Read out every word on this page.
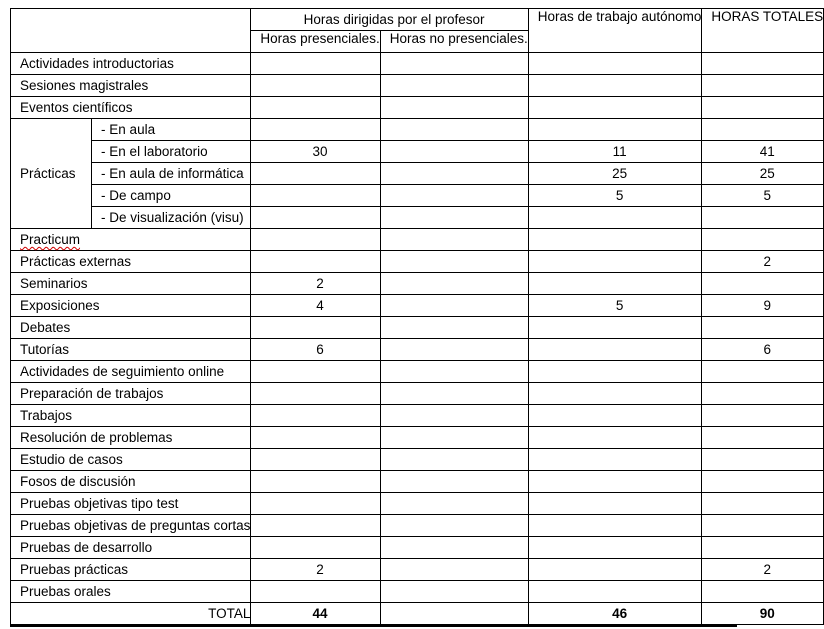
		Horas dirigidas por el profesor		Horas de trabajo autónomo	HORAS TOTALES
		Horas presenciales.	Horas no presenciales.		
Actividades introductorias					
Sesiones magistrales					
Eventos científicos					
Prácticas	- En aula				
	- En el laboratorio	30		11	41
	- En aula de informática			25	25
	- De campo			5	5
	- De visualización (visu)				
Practicum					
Prácticas externas					2
Seminarios		2			
Exposiciones		4		5	9
Debates					
Tutorías		6			6
Actividades de seguimiento online					
Preparación de trabajos					
Trabajos					
Resolución de problemas					
Estudio de casos					
Fosos de discusión					
Pruebas objetivas tipo test					
Pruebas objetivas de preguntas cortas					
Pruebas de desarrollo					
Pruebas prácticas		2			2
Pruebas orales					
TOTAL		44		46	90
